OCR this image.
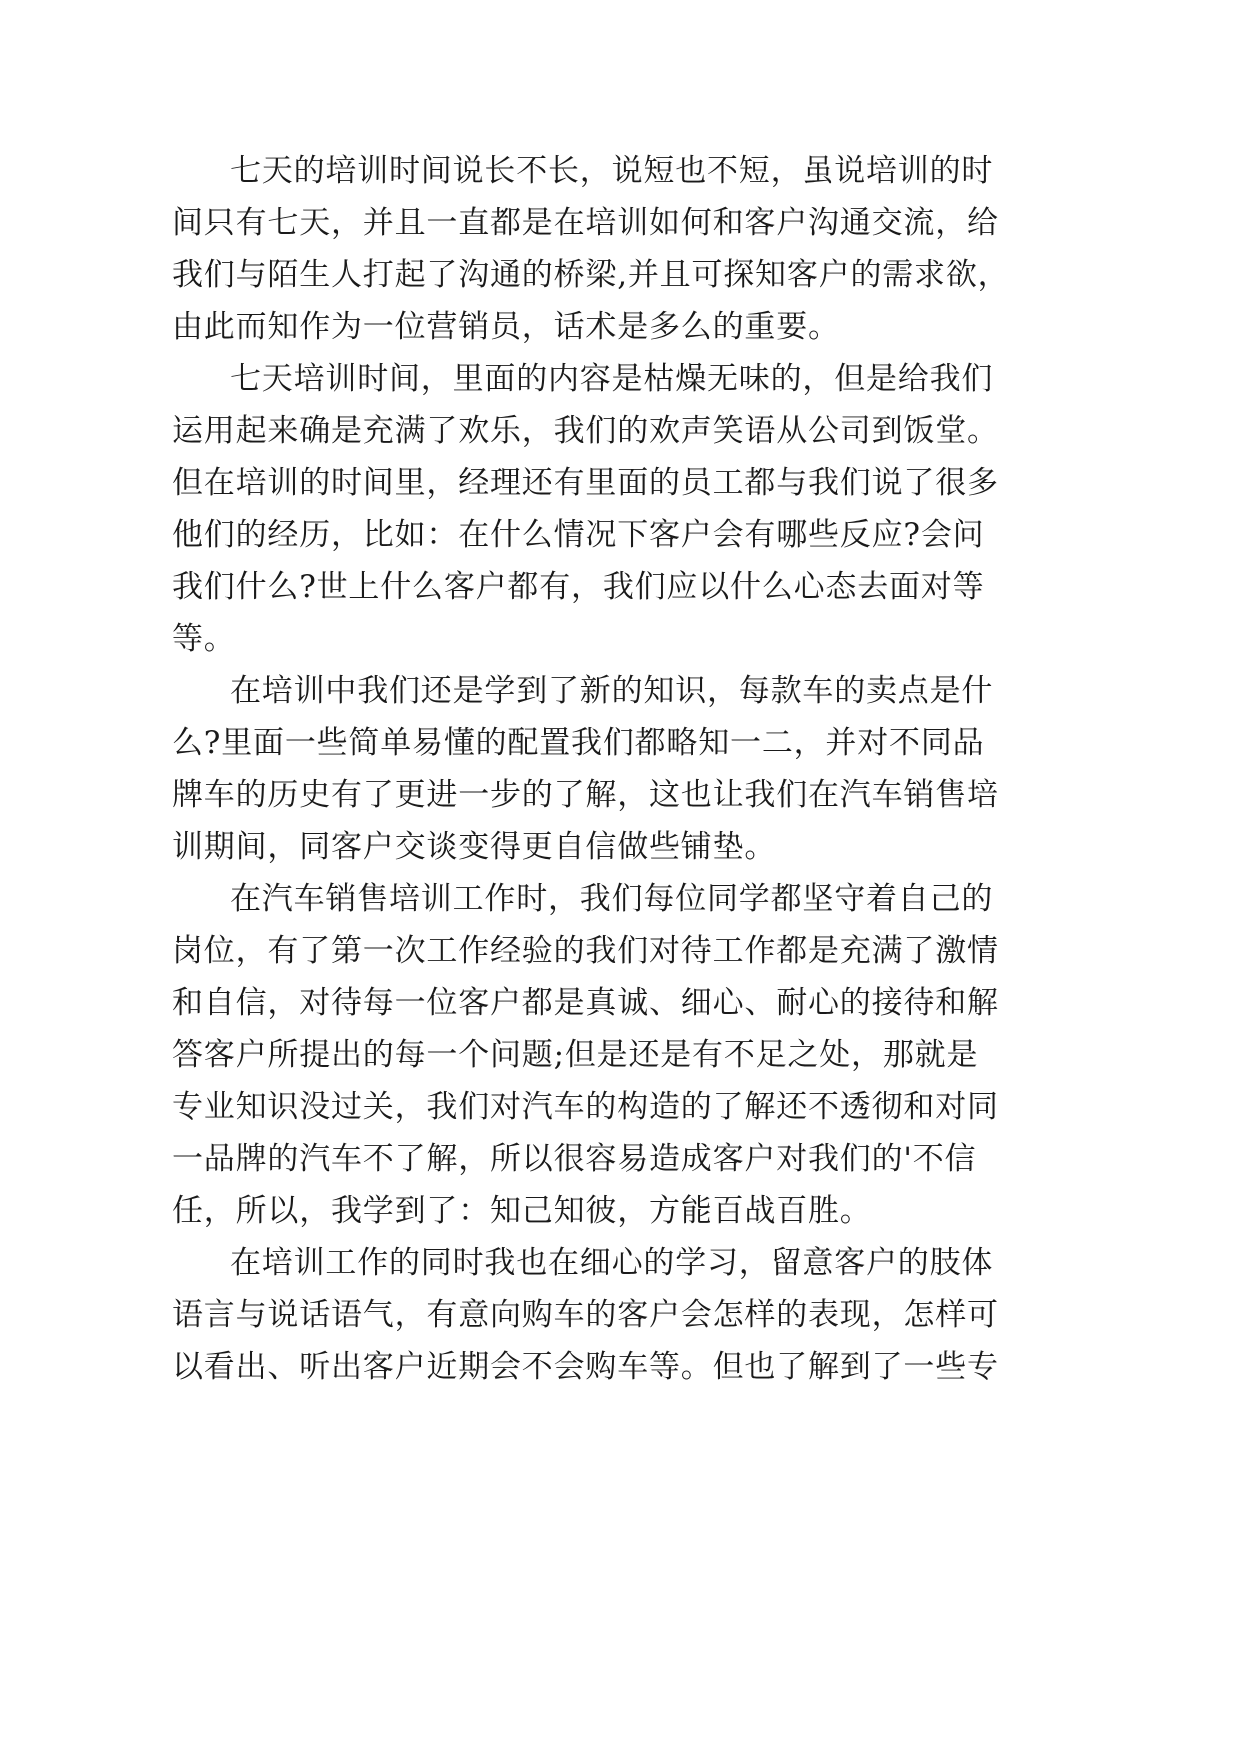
七天的培训时间说长不长，说短也不短，虽说培训的时

间只有七天，并且一直都是在培训如何和客户沟通交流，给

我们与陌生人打起了沟通的桥梁,并且可探知客户的需求欲，

由此而知作为一位营销员，话术是多么的重要。

七天培训时间，里面的内容是枯燥无味的，但是给我们

运用起来确是充满了欢乐，我们的欢声笑语从公司到饭堂。

但在培训的时间里，经理还有里面的员工都与我们说了很多

他们的经历，比如：在什么情况下客户会有哪些反应?会问

我们什么?世上什么客户都有，我们应以什么心态去面对等

等。

在培训中我们还是学到了新的知识，每款车的卖点是什

么?里面一些简单易懂的配置我们都略知一二，并对不同品

牌车的历史有了更进一步的了解，这也让我们在汽车销售培

训期间，同客户交谈变得更自信做些铺垫。

在汽车销售培训工作时，我们每位同学都坚守着自己的

岗位，有了第一次工作经验的我们对待工作都是充满了激情

和自信，对待每一位客户都是真诚、细心、耐心的接待和解

答客户所提出的每一个问题;但是还是有不足之处，那就是

专业知识没过关，我们对汽车的构造的了解还不透彻和对同

一品牌的汽车不了解，所以很容易造成客户对我们的'不信

任，所以，我学到了：知己知彼，方能百战百胜。

在培训工作的同时我也在细心的学习，留意客户的肢体

语言与说话语气，有意向购车的客户会怎样的表现，怎样可

以看出、听出客户近期会不会购车等。但也了解到了一些专
